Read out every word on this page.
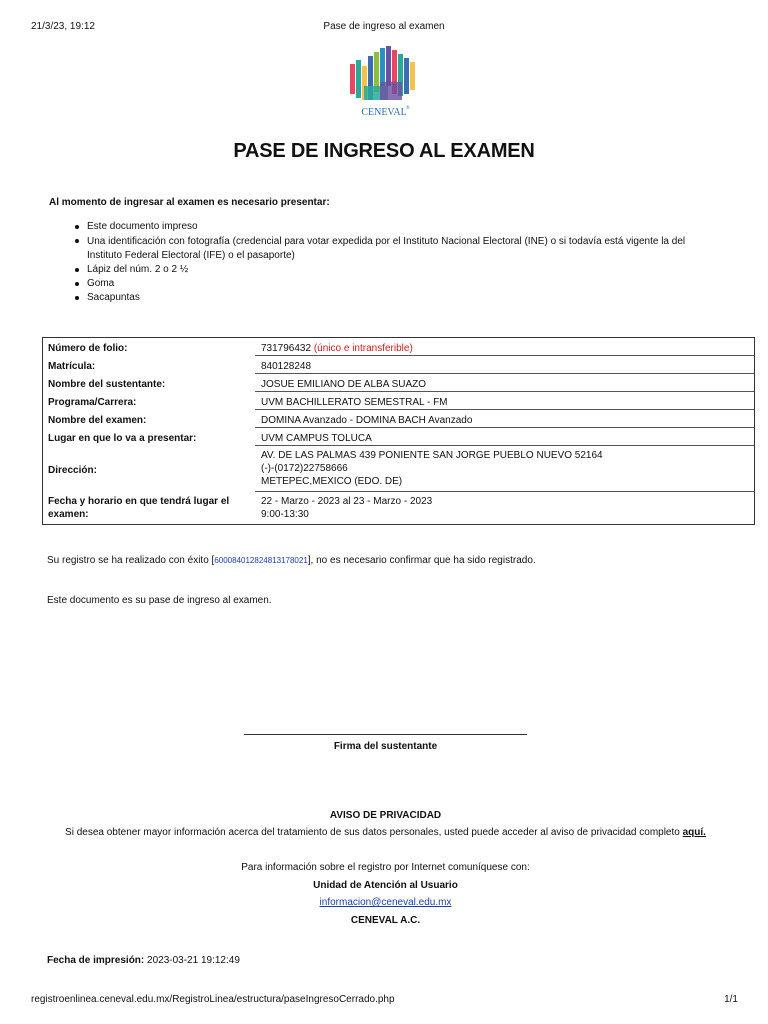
21/3/23, 19:12	Pase de ingreso al examen
CENEVAL ®
PASE DE INGRESO AL EXAMEN
Al momento de ingresar al examen es necesario presentar:
Este documento impreso
Una identificación con fotografía (credencial para votar expedida por el Instituto Nacional Electoral (INE) o si todavía está vigente la del Instituto Federal Electoral (IFE) o el pasaporte)
Lápiz del núm. 2 o 2 ½
Goma
Sacapuntas
Número de folio:	731796432 (único e intransferible)
Matrícula:	840128248
Nombre del sustentante:	JOSUE EMILIANO DE ALBA SUAZO
Programa/Carrera:	UVM BACHILLERATO SEMESTRAL - FM
Nombre del examen:	DOMINA Avanzado - DOMINA BACH Avanzado
Lugar en que lo va a presentar:	UVM CAMPUS TOLUCA
Dirección:	AV. DE LAS PALMAS 439 PONIENTE SAN JORGE PUEBLO NUEVO 52164
(-)-(0172)22758666
METEPEC,MEXICO (EDO. DE)

Fecha y horario en que tendrá lugar el examen:	22 - Marzo - 2023 al 23 - Marzo - 2023
9:00-13:30
Su registro se ha realizado con éxito [600084012824813178021], no es necesario confirmar que ha sido registrado.
Este documento es su pase de ingreso al examen.
Firma del sustentante
AVISO DE PRIVACIDAD
Si desea obtener mayor información acerca del tratamiento de sus datos personales, usted puede acceder al aviso de privacidad completo aquí.
Para información sobre el registro por Internet comuníquese con:
Unidad de Atención al Usuario
informacion@ceneval.edu.mx
CENEVAL A.C.
Fecha de impresión: 2023-03-21 19:12:49
registroenlinea.ceneval.edu.mx/RegistroLinea/estructura/paseIngresoCerrado.php	1/1
